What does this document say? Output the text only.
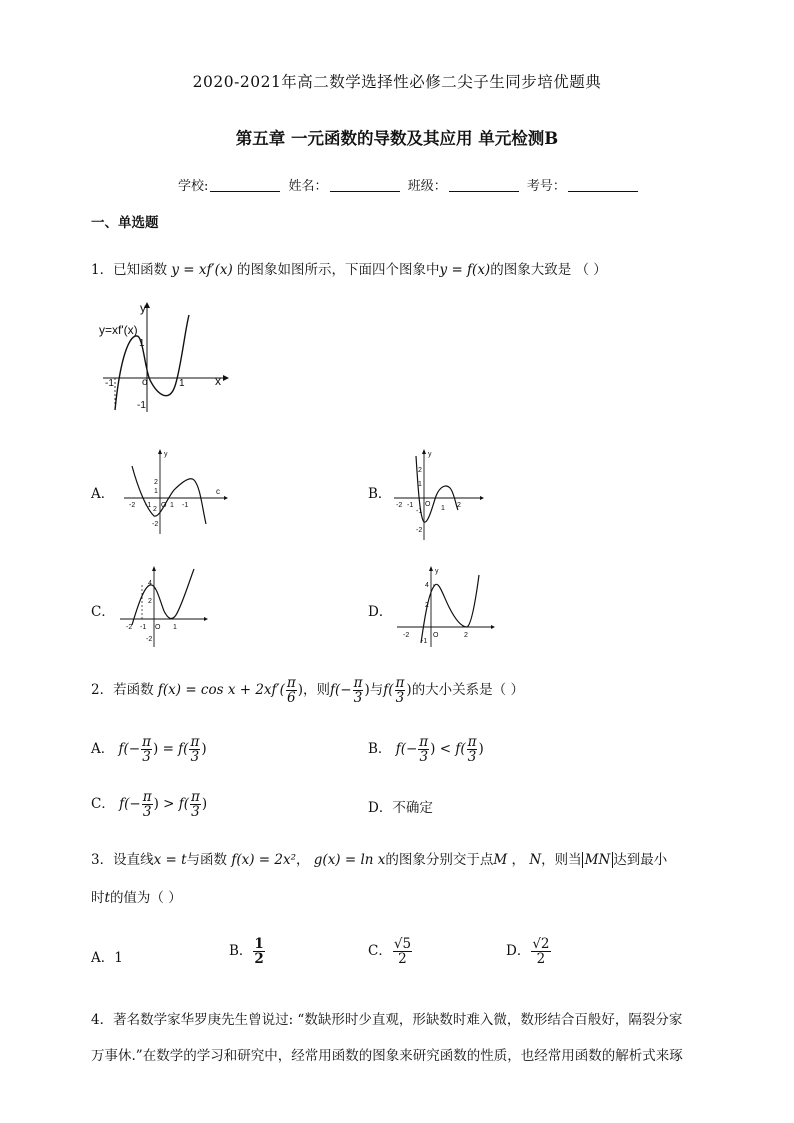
2020-2021年高二数学选择性必修二尖子生同步培优题典
第五章 一元函数的导数及其应用 单元检测B
学校:	姓名：	班级：	考号：
一、单选题
1．已知函数 y = xf′(x) 的图象如图所示，下面四个图象中y = f(x)的图象大致是 （ ）
y=xf'(x)
x
y
-1	o	1
1
-1
A．
y
2
1
-2 -1 O 1
2
-1
-2
c	B．
y
2
1
-2 -1 O
-1	1 2
-2
C．
4
2
-2 -1 O 1
-2
D．
y
4
2
-2
-1
O	2
2．若函数 $f(x) = \cos x + 2xf'( \frac{\pi}{6}$ )，则$f(- \frac{\pi}{3}$ )与$f( \frac{\pi}{3}$ )的大小关系是（ ）
A． $f(- \frac{\pi}{3}$ ) = $f( \frac{\pi}{3}$ )	B． $f(- \frac{\pi}{3}$ ) < $f( \frac{\pi}{3}$ )
C． $f(- \frac{\pi}{3}$ ) > $f( \frac{\pi}{3}$ )	D．不确定
3．设直线x = t与函数 f(x) = 2x²， g(x) = ln x的图象分别交于点M ， N，则当 MN 达到最小
时t的值为（ ）
A．1	B． $\frac{1}{2}$	C． $\frac{√5}{2}$	D． $\frac{√2}{2}$
4．著名数学家华罗庚先生曾说过: “数缺形时少直观，形缺数时难入微，数形结合百般好，隔裂分家
万事休.”在数学的学习和研究中，经常用函数的图象来研究函数的性质，也经常用函数的解析式来琢
